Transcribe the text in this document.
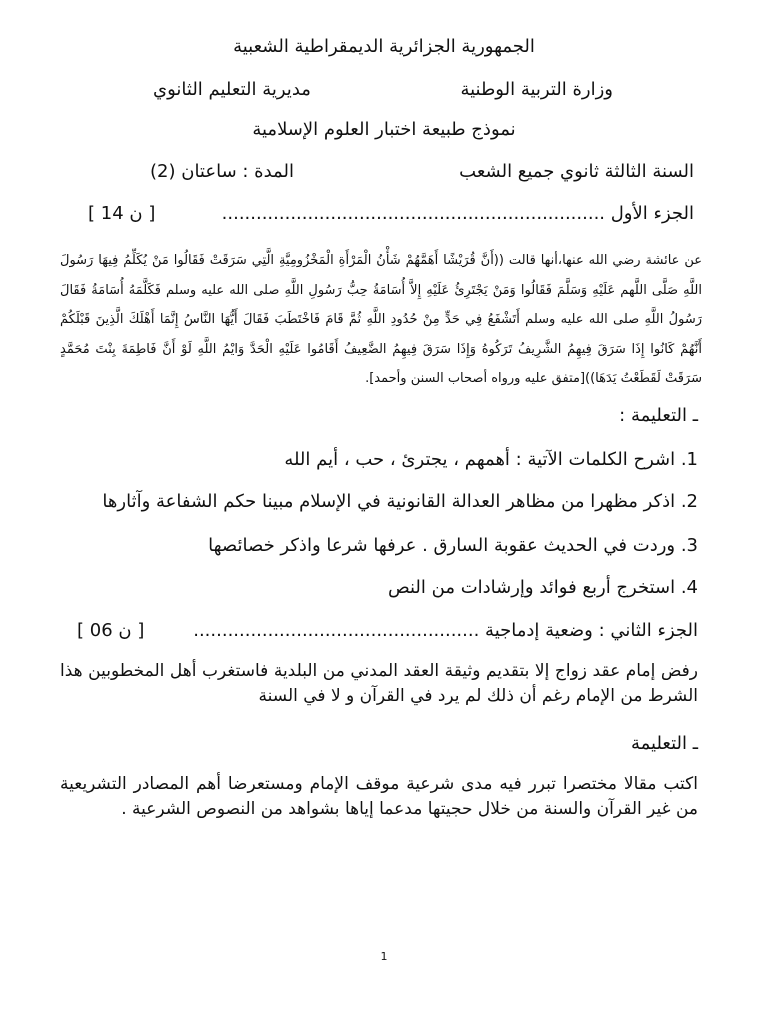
الجمهورية الجزائرية الديمقراطية الشعبية
وزارة التربية الوطنية
مديرية التعليم الثانوي
نموذج طبيعة اختبار العلوم الإسلامية
السنة الثالثة ثانوي جميع الشعب
المدة : ساعتان (2)
الجزء الأول ...................................................................
[ 14 ن ]

عن عائشة رضي الله عنها،أنها قالت ((أَنَّ قُرَيْشًا أَهَمَّهُمْ شَأْنُ الْمَرْأَةِ الْمَخْزُومِيَّةِ الَّتِي سَرَقَتْ فَقَالُوا مَنْ يُكَلِّمُ فِيهَا رَسُولَ اللَّهِ صَلَّى اللَّهم عَلَيْهِ وَسَلَّمَ فَقَالُوا وَمَنْ يَجْتَرِئُ عَلَيْهِ إِلاَّ أُسَامَةُ حِبُّ رَسُولِ اللَّهِ صلى الله عليه وسلم فَكَلَّمَهُ أُسَامَةُ فَقَالَ رَسُولُ اللَّهِ صلى الله عليه وسلم أَتَشْفَعُ فِي حَدٍّ مِنْ حُدُودِ اللَّهِ ثُمَّ قَامَ فَاخْتَطَبَ فَقَالَ أَيُّهَا النَّاسُ إِنَّمَا أَهْلَكَ الَّذِينَ قَبْلَكُمْ أَنَّهُمْ كَانُوا إِذَا سَرَقَ فِيهِمُ الشَّرِيفُ تَرَكُوهُ وَإِذَا سَرَقَ فِيهِمُ الضَّعِيفُ أَقَامُوا عَلَيْهِ الْحَدَّ وَايْمُ اللَّهِ لَوْ أَنَّ فَاطِمَةَ بِنْتَ مُحَمَّدٍ سَرَقَتْ لَقَطَعْتُ يَدَهَا))[متفق عليه ورواه أصحاب السنن وأحمد].

ـ التعليمة :
1. اشرح الكلمات الآتية : أهمهم ، يجترئ ، حب ، أيم الله
2. اذكر مظهرا من مظاهر العدالة القانونية في الإسلام مبينا حكم الشفاعة وآثارها
3. وردت في الحديث عقوبة السارق . عرفها شرعا واذكر خصائصها
4. استخرج أربع فوائد وإرشادات من النص
الجزء الثاني : وضعية إدماجية ..................................................
[ 06 ن ]

رفض إمام عقد زواج إلا بتقديم وثيقة العقد المدني من البلدية فاستغرب أهل المخطوبين هذا الشرط من الإمام رغم أن ذلك لم يرد في القرآن و لا في السنة

ـ التعليمة

اكتب مقالا مختصرا تبرر فيه مدى شرعية موقف الإمام ومستعرضا أهم المصادر التشريعية من غير القرآن والسنة من خلال حجيتها مدعما إياها بشواهد من النصوص الشرعية .

1
